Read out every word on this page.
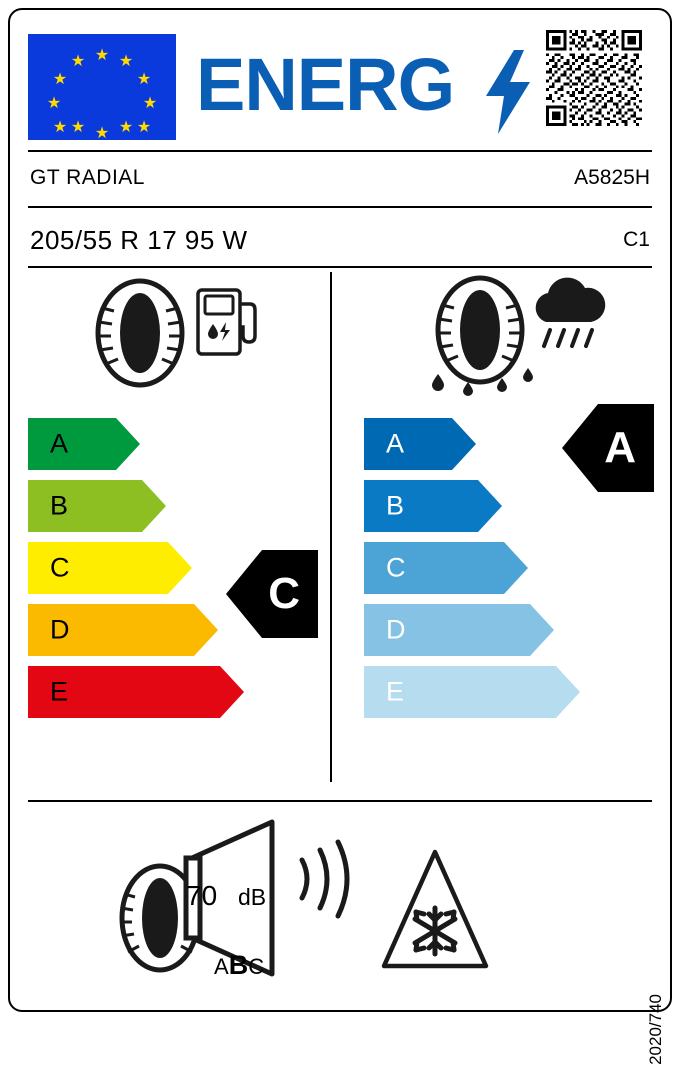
★ ★
★
★
★
★
★
★
★ ★ ★
★
ENERG
GT RADIAL	A5825H
205/55 R 17 95 W	C1
A
B
C
D
E
C
A
B
C
D
E
A
70 dB
ABC
2020/740
